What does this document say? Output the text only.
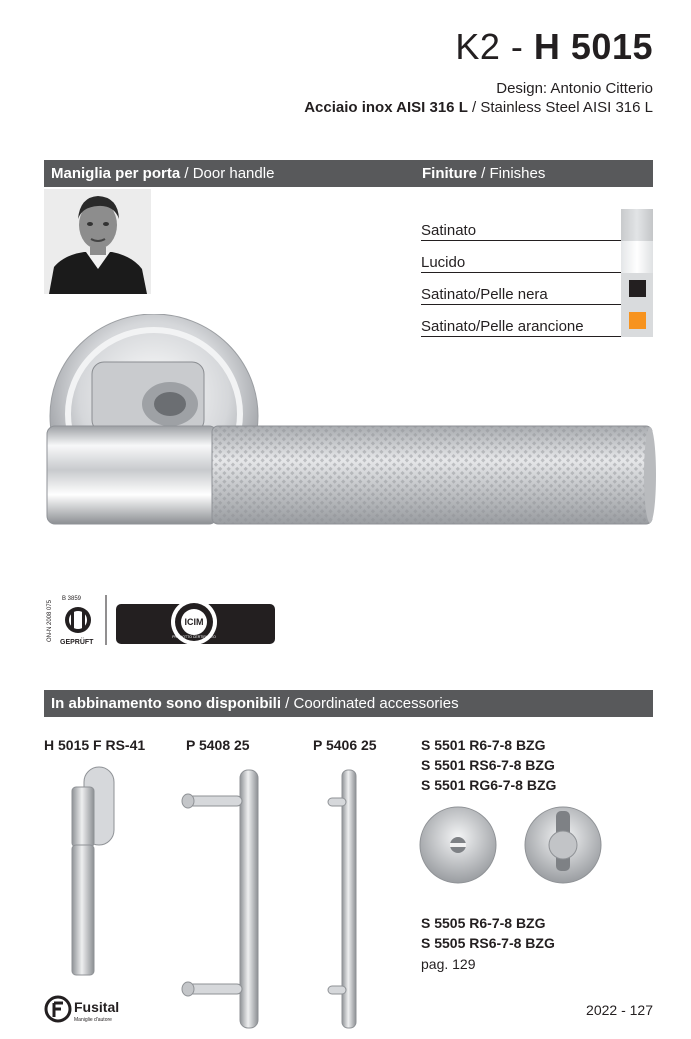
K2 - H 5015
Design: Antonio Citterio
Acciaio inox AISI 316 L / Stainless Steel AISI 316 L
Maniglia per porta / Door handle	Finiture / Finishes
Satinato
Lucido
Satinato/Pelle nera
Satinato/Pelle arancione
ON-N 2008 075
B 3859
GEPRÜFT
ICIM
PRODOTTO CERTIFICATO
In abbinamento sono disponibili / Coordinated accessories
H 5015 F RS-41	P 5408 25	P 5406 25	S 5501 R6-7-8 BZG
S 5501 RS6-7-8 BZG
S 5501 RG6-7-8 BZG
S 5505 R6-7-8 BZG
S 5505 RS6-7-8 BZG
pag. 129
Fusital
Maniglie d'autore
2022 - 127
